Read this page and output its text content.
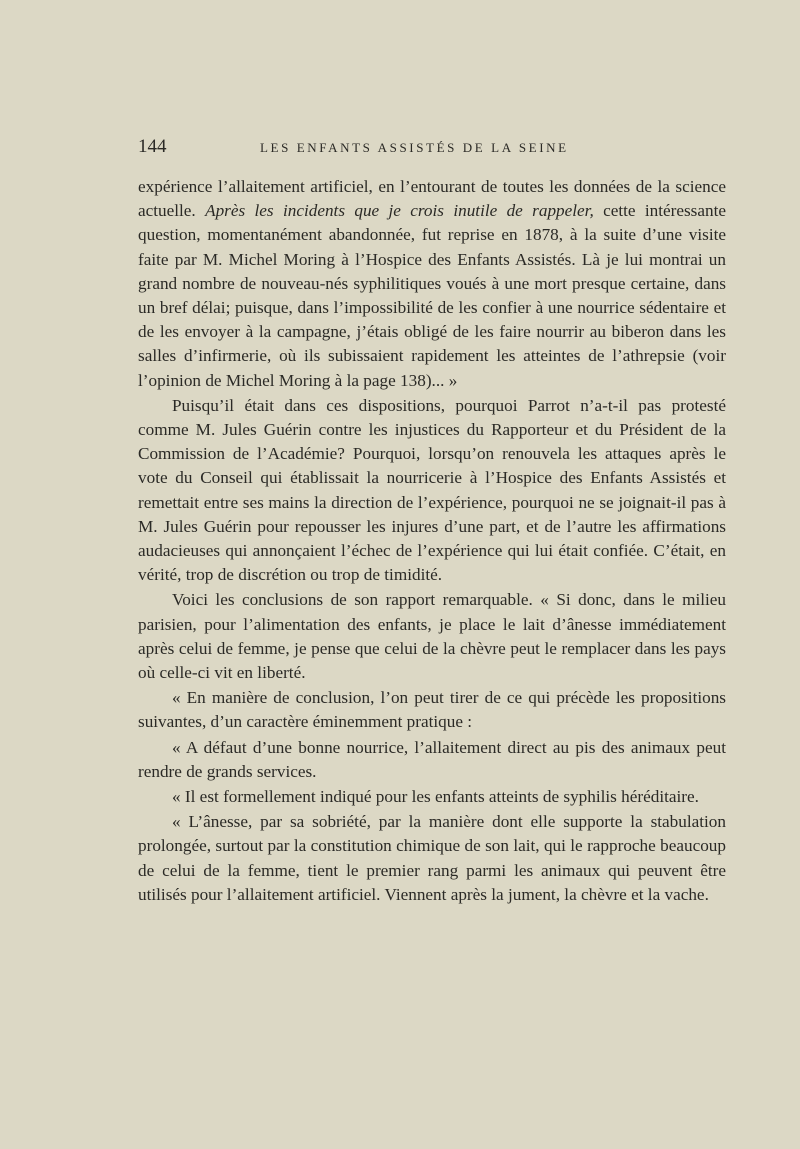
144	LES ENFANTS ASSISTÉS DE LA SEINE

expérience l’allaitement artificiel, en l’entourant de toutes les données de la science actuelle. Après les incidents que je crois inutile de rappeler, cette intéressante question, momentanément abandonnée, fut reprise en 1878, à la suite d’une visite faite par M. Michel Moring à l’Hospice des Enfants Assistés. Là je lui montrai un grand nombre de nouveau-nés syphilitiques voués à une mort presque certaine, dans un bref délai; puisque, dans l’impossibilité de les confier à une nourrice sédentaire et de les envoyer à la campagne, j’étais obligé de les faire nourrir au biberon dans les salles d’infirmerie, où ils subissaient rapidement les atteintes de l’athrepsie (voir l’opinion de Michel Moring à la page 138)... »

Puisqu’il était dans ces dispositions, pourquoi Parrot n’a-t-il pas protesté comme M. Jules Guérin contre les injustices du Rapporteur et du Président de la Commission de l’Académie? Pourquoi, lorsqu’on renouvela les attaques après le vote du Conseil qui établissait la nourricerie à l’Hospice des Enfants Assistés et remettait entre ses mains la direction de l’expérience, pourquoi ne se joignait-il pas à M. Jules Guérin pour repousser les injures d’une part, et de l’autre les affirmations audacieuses qui annonçaient l’échec de l’expérience qui lui était confiée. C’était, en vérité, trop de discrétion ou trop de timidité.

Voici les conclusions de son rapport remarquable. « Si donc, dans le milieu parisien, pour l’alimentation des enfants, je place le lait d’ânesse immédiatement après celui de femme, je pense que celui de la chèvre peut le remplacer dans les pays où celle-ci vit en liberté.

« En manière de conclusion, l’on peut tirer de ce qui précède les propositions suivantes, d’un caractère éminemment pratique :

« A défaut d’une bonne nourrice, l’allaitement direct au pis des animaux peut rendre de grands services.

« Il est formellement indiqué pour les enfants atteints de syphilis héréditaire.

« L’ânesse, par sa sobriété, par la manière dont elle supporte la stabulation prolongée, surtout par la constitution chimique de son lait, qui le rapproche beaucoup de celui de la femme, tient le premier rang parmi les animaux qui peuvent être utilisés pour l’allaitement artificiel. Viennent après la jument, la chèvre et la vache.
